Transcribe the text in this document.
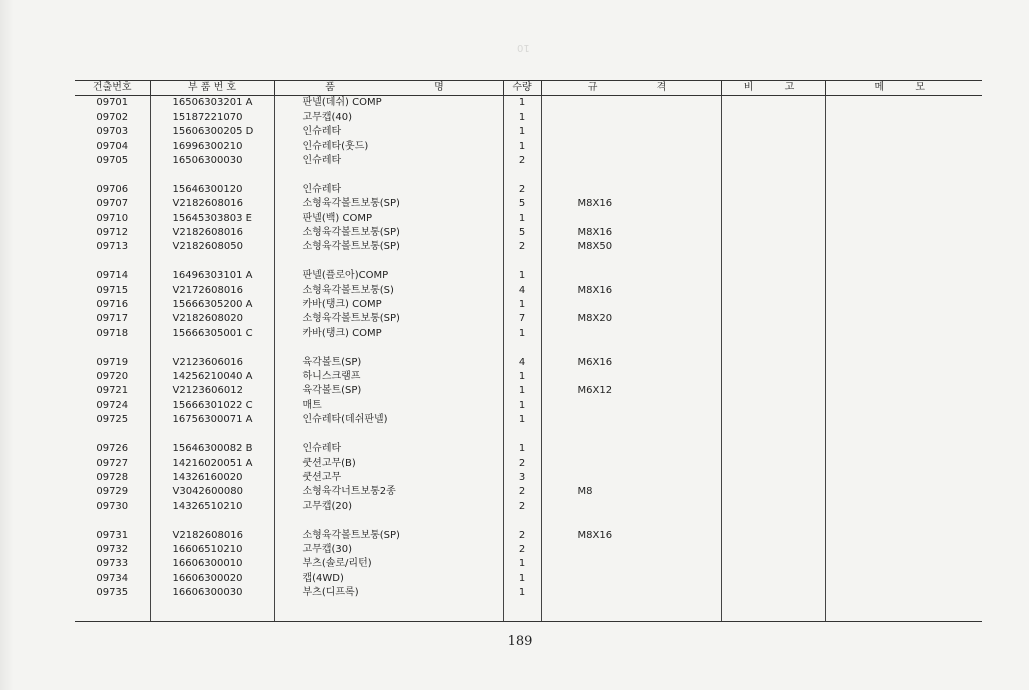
10
건출번호	부 품 번 호	품 명	수량	규 격	비 고	메 모
09701	16506303201 A	판넬(데쉬) COMP	1			
09702	15187221070	고무캡(40)	1			
09703	15606300205 D	인슈레타	1			
09704	16996300210	인슈레타(훗드)	1			
09705	16506300030	인슈레타	2			

09706	15646300120	인슈레타	2			
09707	V2182608016	소형육각볼트보통(SP)	5	M8X16		
09710	15645303803 E	판넬(백) COMP	1			
09712	V2182608016	소형육각볼트보통(SP)	5	M8X16		
09713	V2182608050	소형육각볼트보통(SP)	2	M8X50		

09714	16496303101 A	판넬(플로아)COMP	1			
09715	V2172608016	소형육각볼트보통(S)	4	M8X16		
09716	15666305200 A	카바(탱크) COMP	1			
09717	V2182608020	소형육각볼트보통(SP)	7	M8X20		
09718	15666305001 C	카바(탱크) COMP	1			

09719	V2123606016	육각볼트(SP)	4	M6X16		
09720	14256210040 A	하니스크램프	1			
09721	V2123606012	육각볼트(SP)	1	M6X12		
09724	15666301022 C	매트	1			
09725	16756300071 A	인슈레타(데쉬판넬)	1			

09726	15646300082 B	인슈레타	1			
09727	14216020051 A	쿳션고무(B)	2			
09728	14326160020	쿳션고무	3			
09729	V3042600080	소형육각너트보통2종	2	M8		
09730	14326510210	고무캡(20)	2			

09731	V2182608016	소형육각볼트보통(SP)	2	M8X16		
09732	16606510210	고무캡(30)	2			
09733	16606300010	부츠(솔로/리턴)	1			
09734	16606300020	캡(4WD)	1			
09735	16606300030	부츠(디프록)	1			

189
